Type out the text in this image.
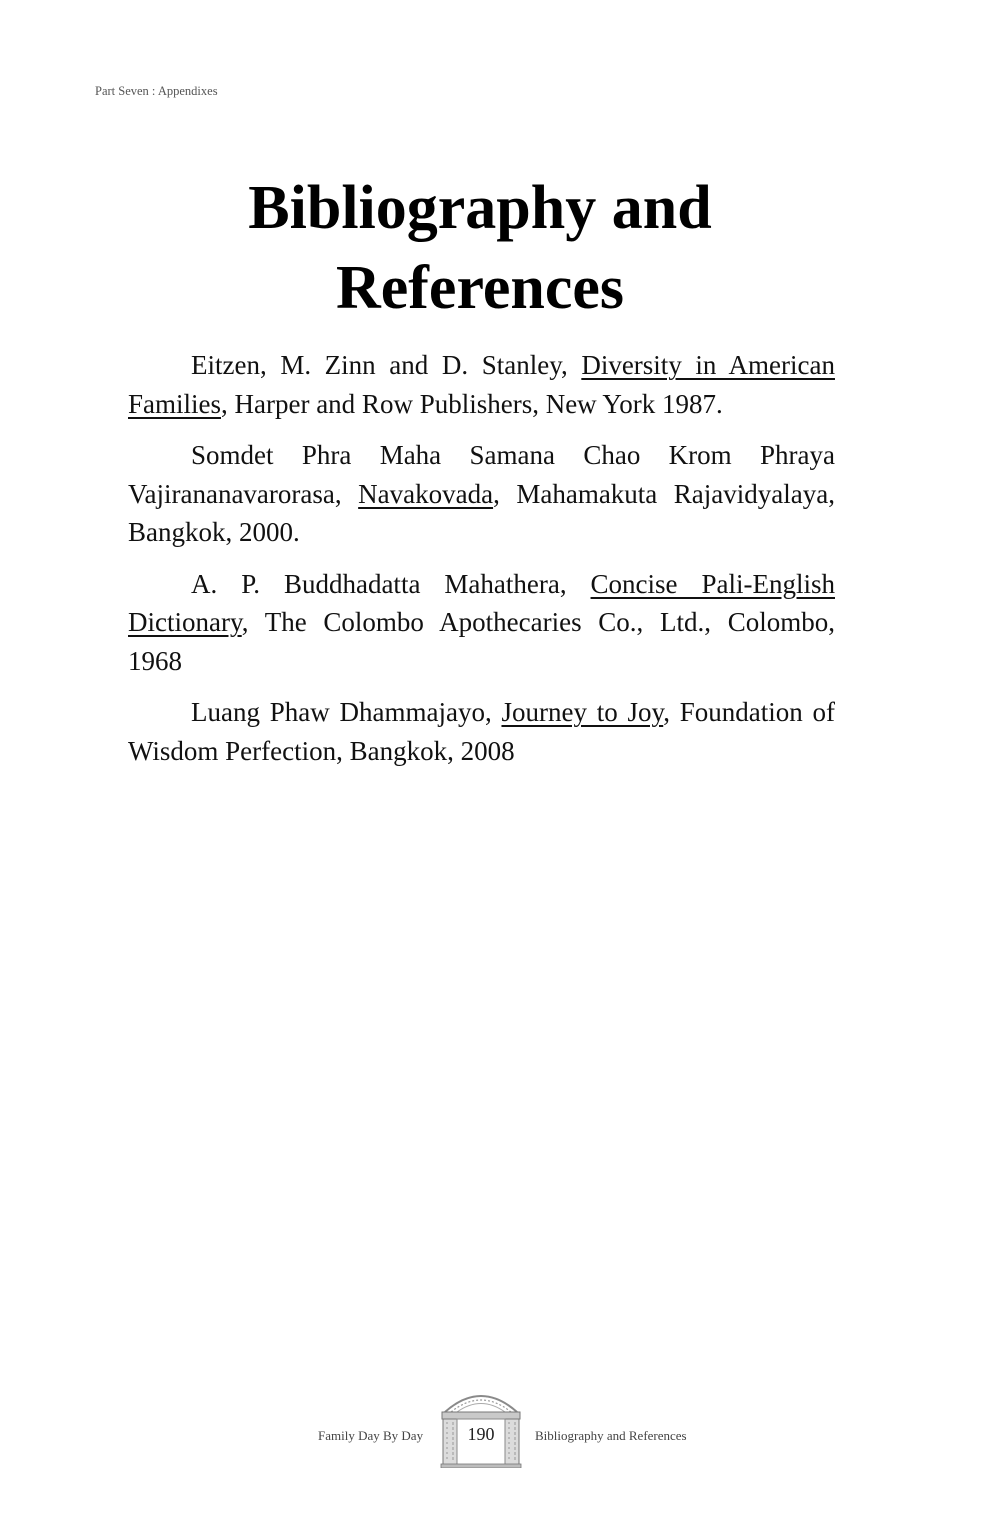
Part Seven : Appendixes
Bibliography and
References

Eitzen, M. Zinn and D. Stanley, Diversity in American Families, Harper and Row Publishers, New York 1987.

Somdet Phra Maha Samana Chao Krom Phraya Vajirananavarorasa, Navakovada, Mahamakuta Rajavidyalaya, Bangkok, 2000.

A. P. Buddhadatta Mahathera, Concise Pali-English Dictionary, The Colombo Apothecaries Co., Ltd., Colombo, 1968

Luang Phaw Dhammajayo, Journey to Joy, Foundation of Wisdom Perfection, Bangkok, 2008

Family Day By Day	190	Bibliography and References
